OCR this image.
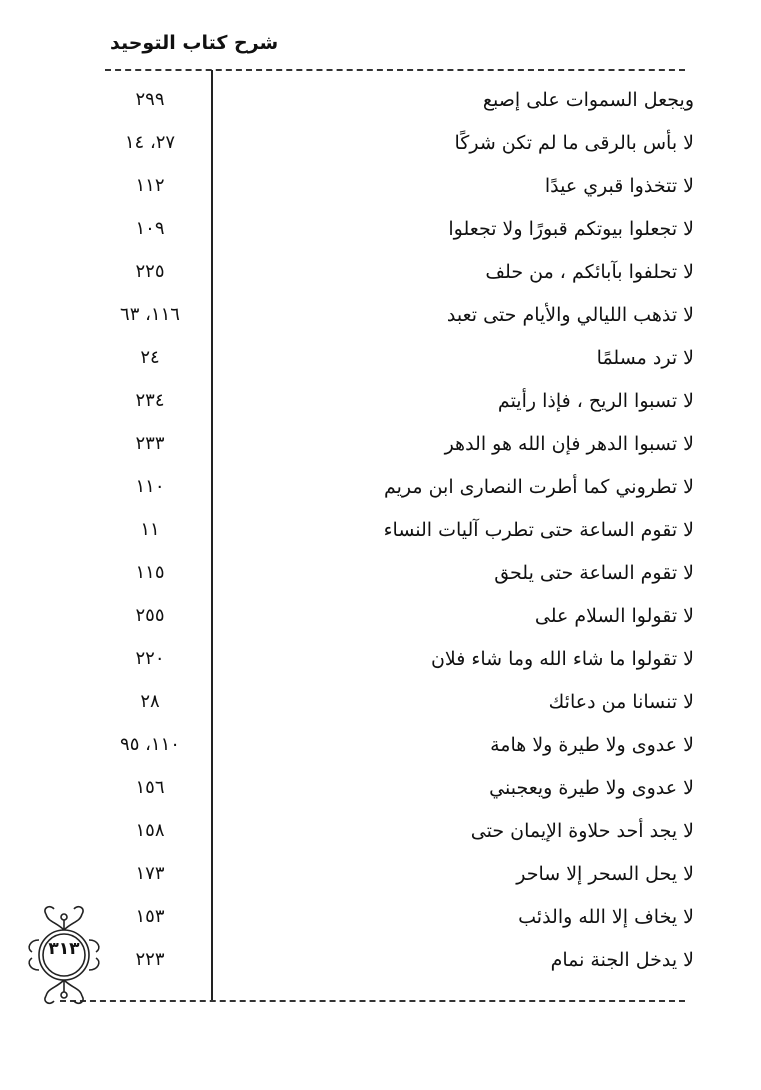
شرح كتاب التوحيد
ويجعل السموات على إصبع
٢٩٩
لا بأس بالرقى ما لم تكن شركًا
٢٧، ١٤
لا تتخذوا قبري عيدًا
١١٢
لا تجعلوا بيوتكم قبورًا ولا تجعلوا
١٠٩
لا تحلفوا بآبائكم ، من حلف
٢٢٥
لا تذهب الليالي والأيام حتى تعبد
١١٦، ٦٣
لا ترد مسلمًا
٢٤
لا تسبوا الريح ، فإذا رأيتم
٢٣٤
لا تسبوا الدهر فإن الله هو الدهر
٢٣٣
لا تطروني كما أطرت النصارى ابن مريم
١١٠
لا تقوم الساعة حتى تطرب آليات النساء
١١
لا تقوم الساعة حتى يلحق
١١٥
لا تقولوا السلام على
٢٥٥
لا تقولوا ما شاء الله وما شاء فلان
٢٢٠
لا تنسانا من دعائك
٢٨
لا عدوى ولا طيرة ولا هامة
١١٠، ٩٥
لا عدوى ولا طيرة ويعجبني
١٥٦
لا يجد أحد حلاوة الإيمان حتى
١٥٨
لا يحل السحر إلا ساحر
١٧٣
لا يخاف إلا الله والذئب
١٥٣
لا يدخل الجنة نمام
٢٢٣
٣١٣
